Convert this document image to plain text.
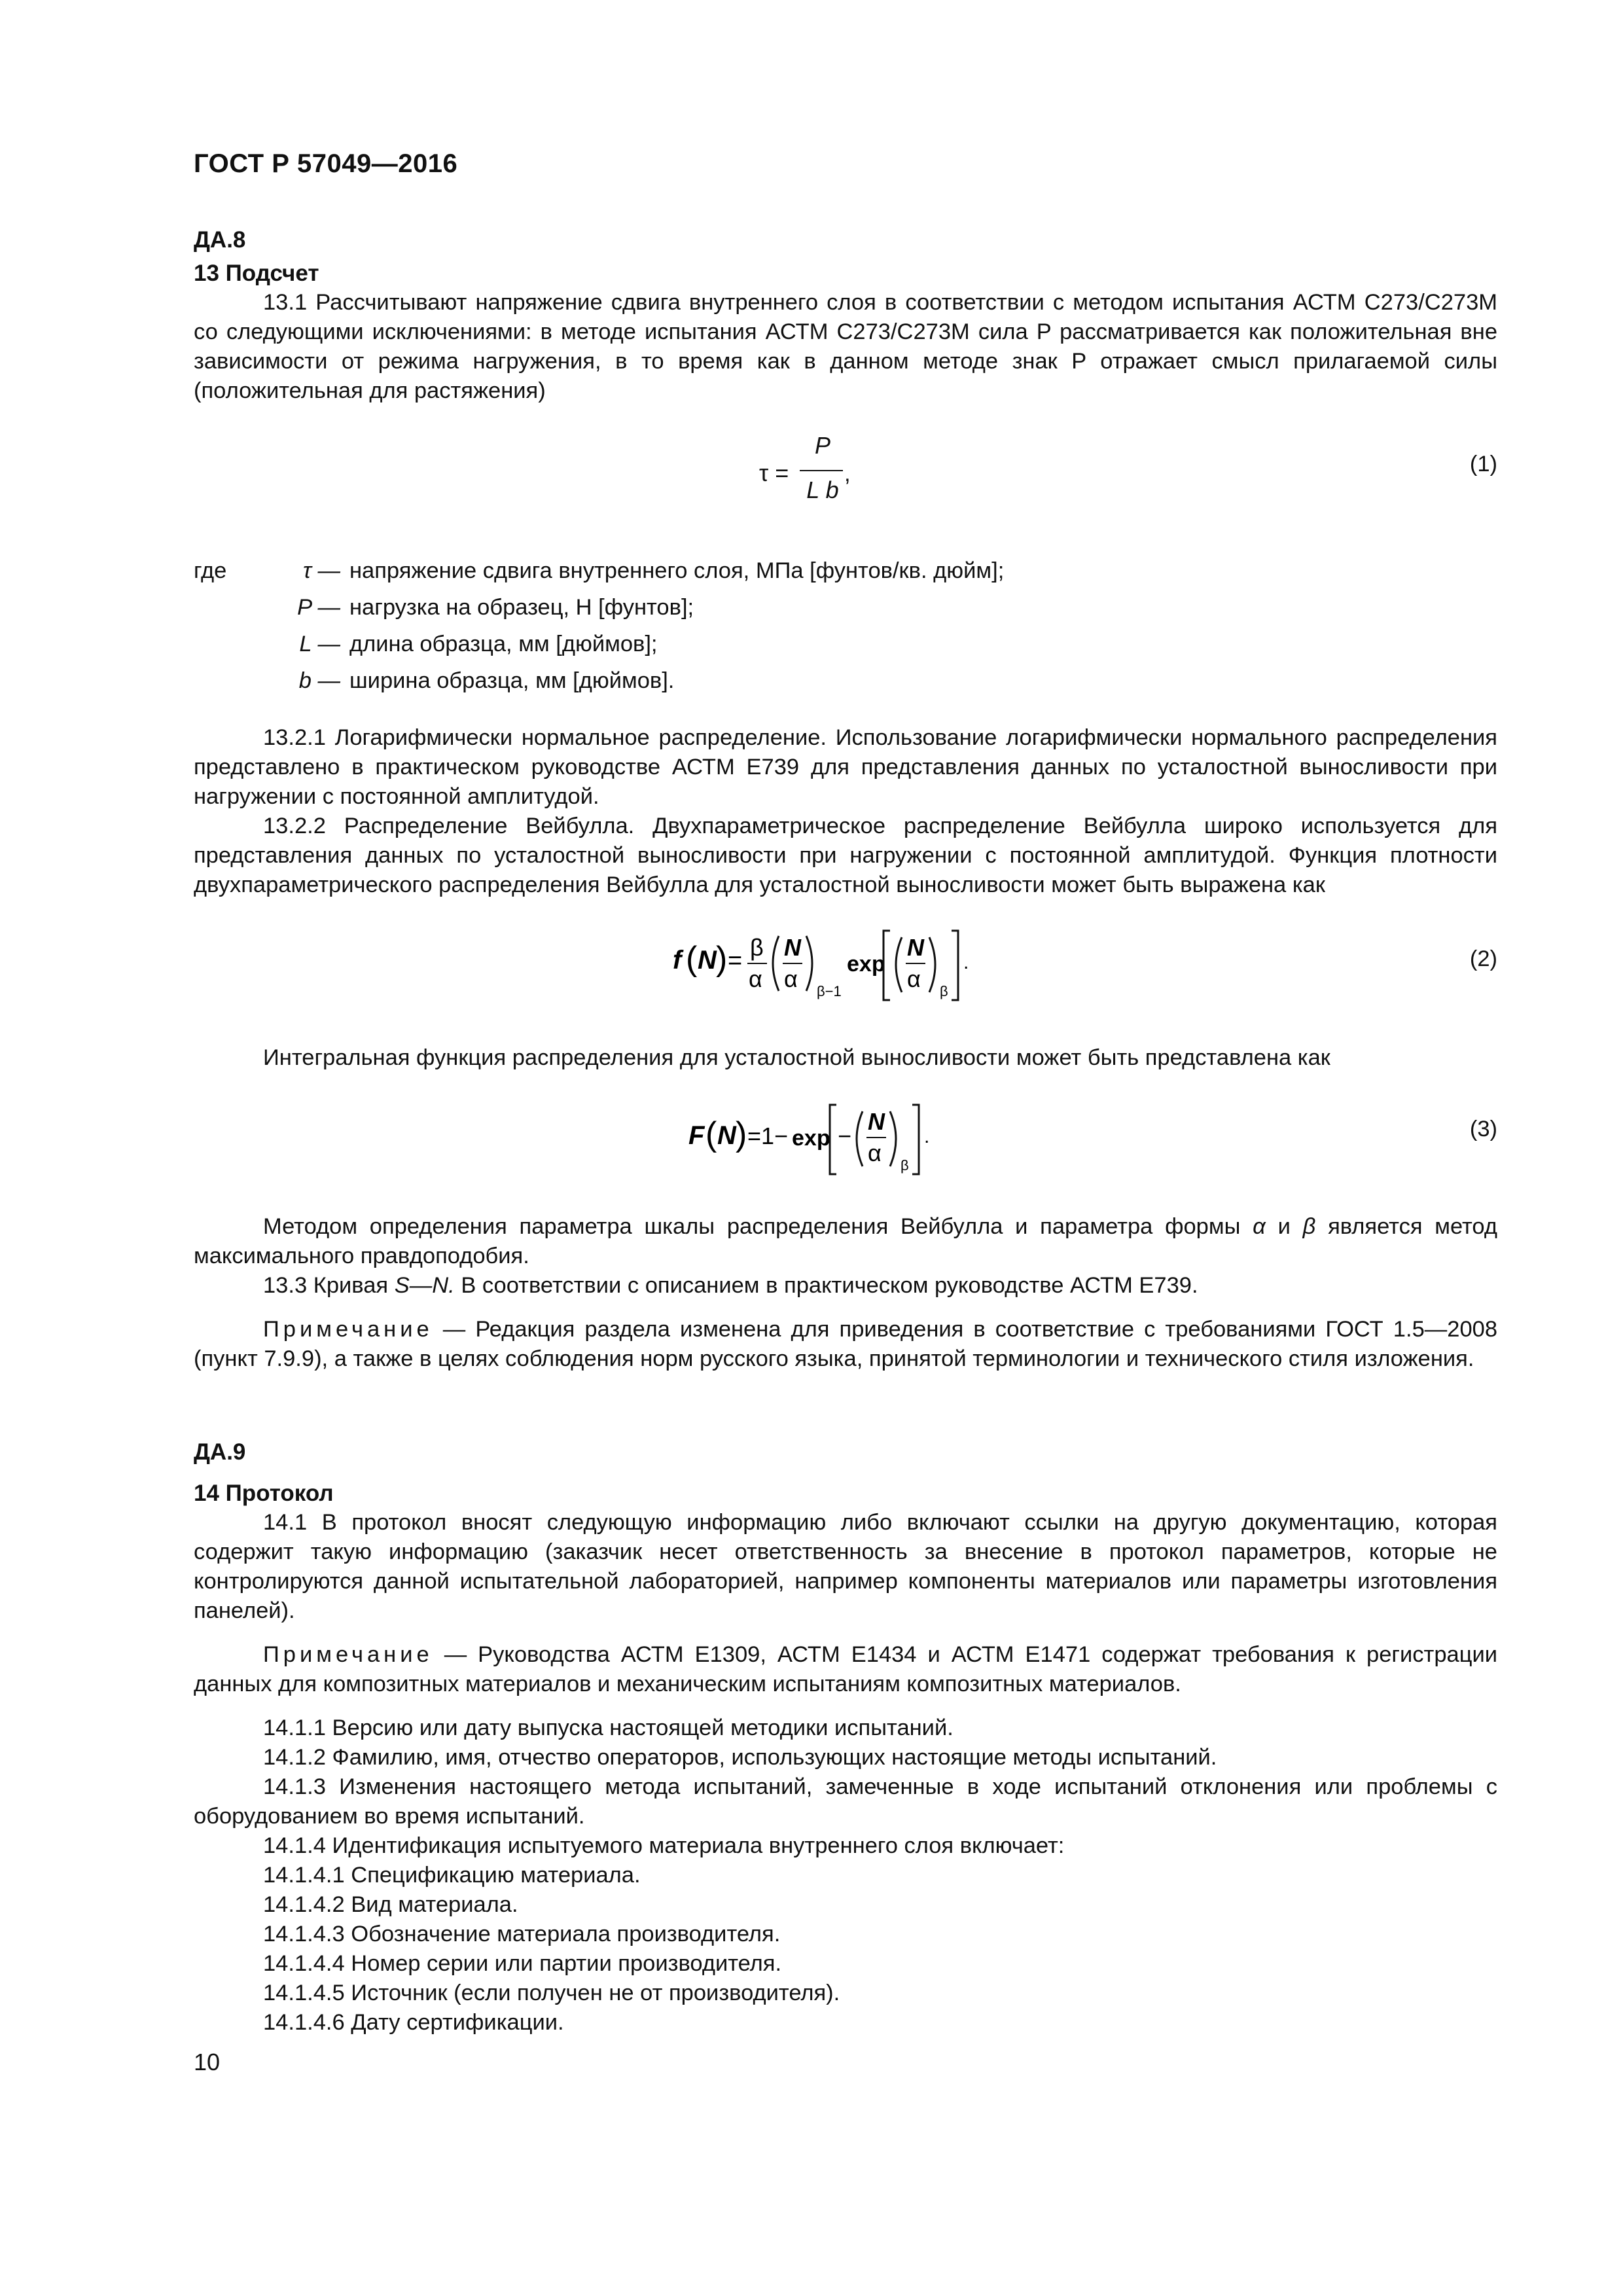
ГОСТ Р 57049—2016

ДА.8

13 Подсчет

13.1 Рассчитывают напряжение сдвига внутреннего слоя в соответствии с методом испытания АСТМ С273/С273М со следующими исключениями: в методе испытания АСТМ С273/С273М сила P рассматривается как положительная вне зависимости от режима нагружения, в то время как в данном методе знак P отражает смысл прилагаемой силы (положительная для растяжения)

τ =
P
L b
,	(1)
где	τ — напряжение сдвига внутреннего слоя, МПа [фунтов/кв. дюйм];
P — нагрузка на образец, Н [фунтов];
L — длина образца, мм [дюймов];
b — ширина образца, мм [дюймов].

13.2.1 Логарифмически нормальное распределение. Использование логарифмически нормального распределения представлено в практическом руководстве АСТМ Е739 для представления данных по усталостной выносливости при нагружении с постоянной амплитудой.

13.2.2 Распределение Вейбулла. Двухпараметрическое распределение Вейбулла широко используется для представления данных по усталостной выносливости при нагружении с постоянной амплитудой. Функция плотности двухпараметрического распределения Вейбулла для усталостной выносливости может быть выражена как

f ( N ) = β
α
N
α β−1
exp
N
α β
.	(2)

Интегральная функция распределения для усталостной выносливости может быть представлена как

F ( N ) =1− exp −
N
α β
.	(3)

Методом определения параметра шкалы распределения Вейбулла и параметра формы α и β является метод максимального правдоподобия.

13.3 Кривая S—N. В соответствии с описанием в практическом руководстве АСТМ Е739.

Примечание — Редакция раздела изменена для приведения в соответствие с требованиями ГОСТ 1.5—2008 (пункт 7.9.9), а также в целях соблюдения норм русского языка, принятой терминологии и технического стиля изложения.

ДА.9

14 Протокол

14.1 В протокол вносят следующую информацию либо включают ссылки на другую документацию, которая содержит такую информацию (заказчик несет ответственность за внесение в протокол параметров, которые не контролируются данной испытательной лабораторией, например компоненты материалов или параметры изготовления панелей).

Примечание — Руководства АСТМ Е1309, АСТМ Е1434 и АСТМ Е1471 содержат требования к регистрации данных для композитных материалов и механическим испытаниям композитных материалов.

14.1.1 Версию или дату выпуска настоящей методики испытаний.

14.1.2 Фамилию, имя, отчество операторов, использующих настоящие методы испытаний.

14.1.3 Изменения настоящего метода испытаний, замеченные в ходе испытаний отклонения или проблемы с оборудованием во время испытаний.

14.1.4 Идентификация испытуемого материала внутреннего слоя включает:

14.1.4.1 Спецификацию материала.

14.1.4.2 Вид материала.

14.1.4.3 Обозначение материала производителя.

14.1.4.4 Номер серии или партии производителя.

14.1.4.5 Источник (если получен не от производителя).

14.1.4.6 Дату сертификации.

10
